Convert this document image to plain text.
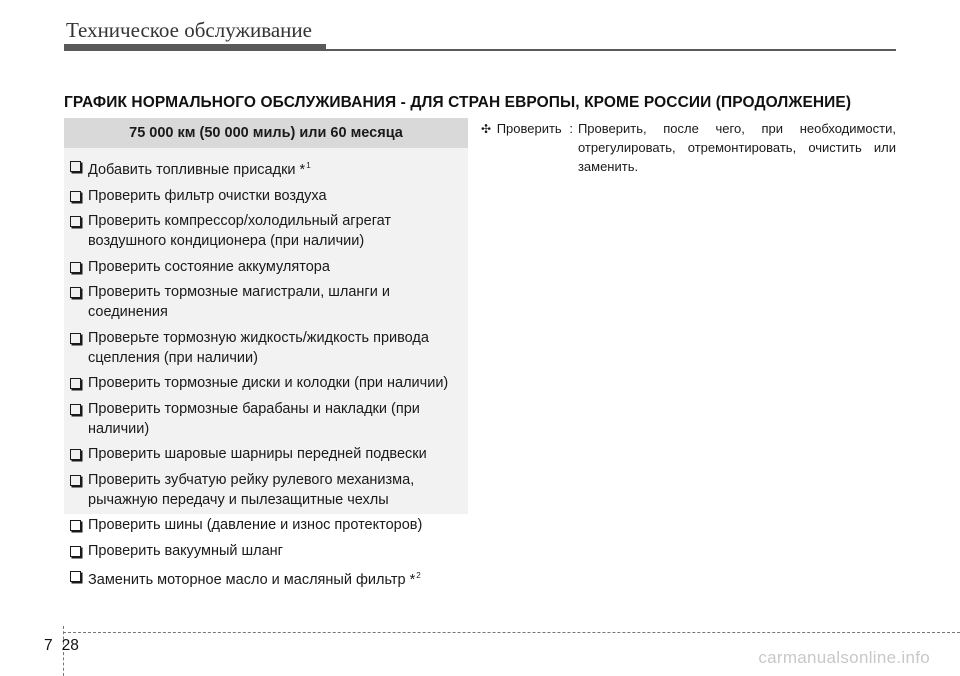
Техническое обслуживание
ГРАФИК НОРМАЛЬНОГО ОБСЛУЖИВАНИЯ - ДЛЯ СТРАН ЕВРОПЫ, КРОМЕ РОССИИ (ПРОДОЛЖЕНИЕ)
75 000 км (50 000 миль) или 60 месяца
Добавить топливные присадки *$^1$
Проверить фильтр очистки воздуха
Проверить компрессор/холодильный агрегат воздушного кондиционера (при наличии)
Проверить состояние аккумулятора
Проверить тормозные магистрали, шланги и соединения
Проверьте тормозную жидкость/жидкость привода сцепления (при наличии)
Проверить тормозные диски и колодки (при наличии)
Проверить тормозные барабаны и накладки (при наличии)
Проверить шаровые шарниры передней подвески
Проверить зубчатую рейку рулевого механизма, рычажную передачу и пылезащитные чехлы
Проверить шины (давление и износ протекторов)
Проверить вакуумный шланг
Заменить моторное масло и масляный фильтр *$^2$
✣ Проверить : Проверить, после чего, при необходимости, отрегулировать, отремонтировать, очистить или заменить.
7 28
carmanualsonline.info
